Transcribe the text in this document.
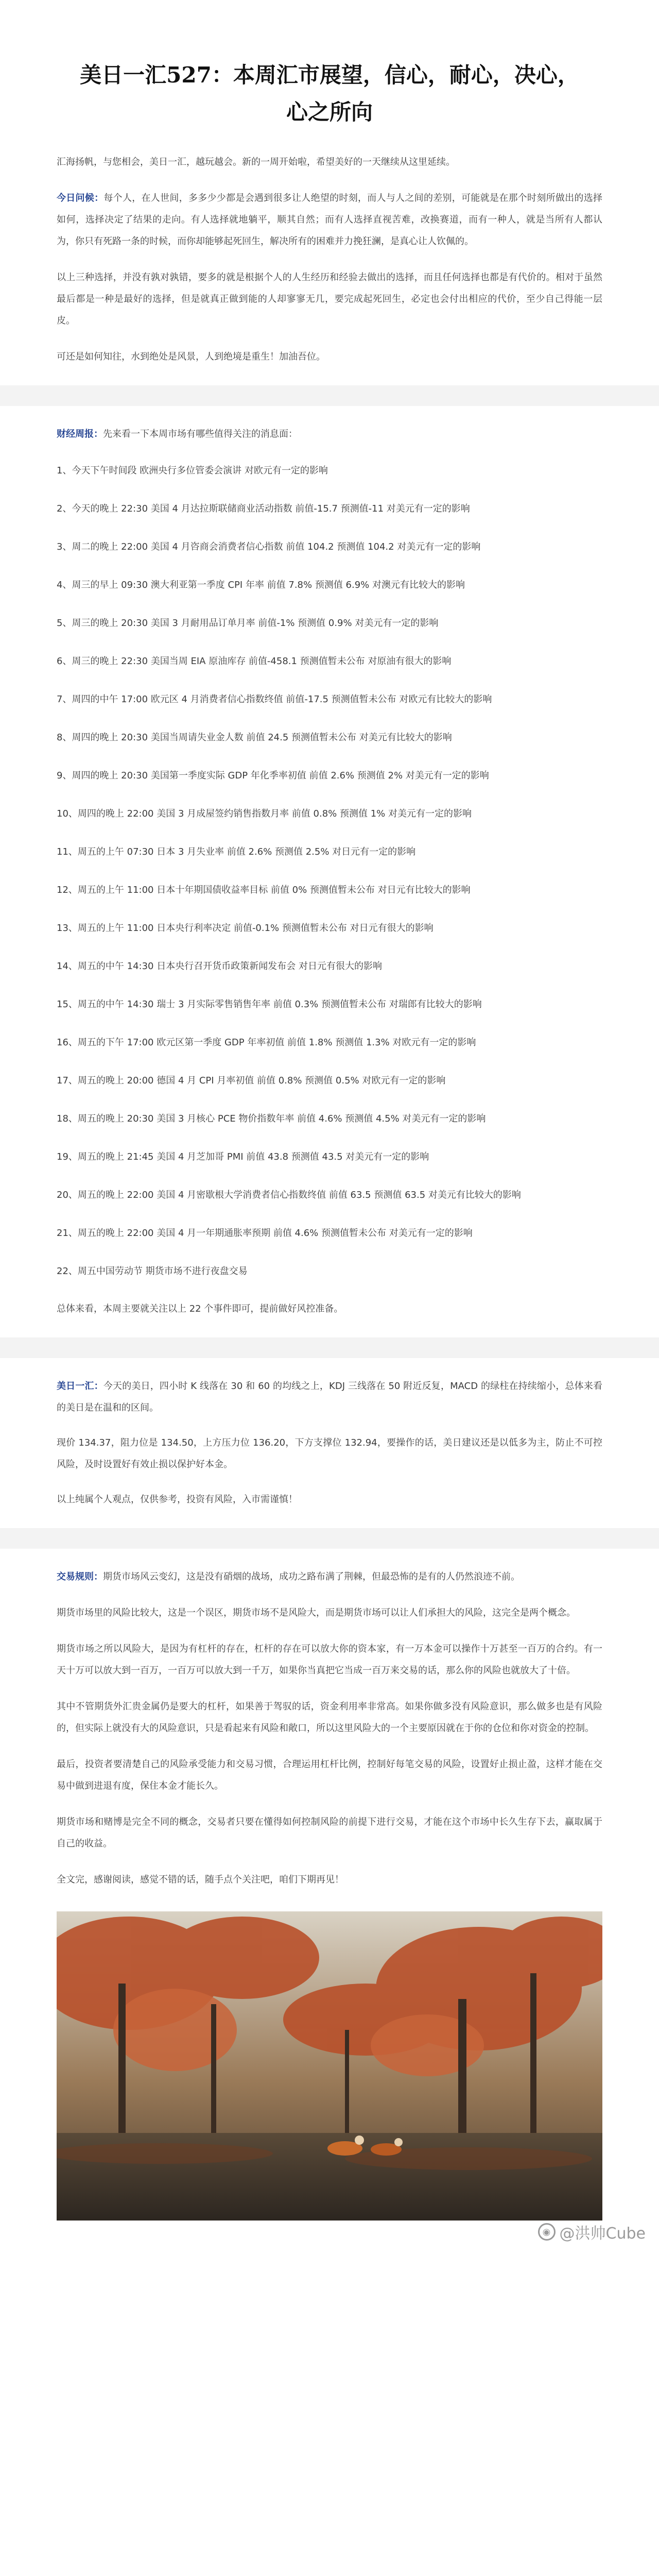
美日一汇527：本周汇市展望，信心，耐心，决心，心之所向

汇海扬帆，与您相会，美日一汇，越玩越会。新的一周开始啦，希望美好的一天继续从这里延续。

今日问候：每个人，在人世间，多多少少都是会遇到很多让人绝望的时刻，而人与人之间的差别，可能就是在那个时刻所做出的选择如何，选择决定了结果的走向。有人选择就地躺平，顺其自然；而有人选择直视苦难，改换赛道，而有一种人，就是当所有人都认为，你只有死路一条的时候，而你却能够起死回生，解决所有的困难并力挽狂澜，是真心让人钦佩的。

以上三种选择，并没有孰对孰错，要多的就是根据个人的人生经历和经验去做出的选择，而且任何选择也都是有代价的。相对于虽然最后都是一种是最好的选择，但是就真正做到能的人却寥寥无几，要完成起死回生，必定也会付出相应的代价，至少自己得能一层皮。

可还是如何知往，水到绝处是风景，人到绝境是重生！加油吾位。

财经周报：先来看一下本周市场有哪些值得关注的消息面：

1、今天下午时间段 欧洲央行多位管委会演讲 对欧元有一定的影响
2、今天的晚上 22:30 美国 4 月达拉斯联储商业活动指数 前值-15.7 预测值-11 对美元有一定的影响
3、周二的晚上 22:00 美国 4 月咨商会消费者信心指数 前值 104.2 预测值 104.2 对美元有一定的影响
4、周三的早上 09:30 澳大利亚第一季度 CPI 年率 前值 7.8% 预测值 6.9% 对澳元有比较大的影响
5、周三的晚上 20:30 美国 3 月耐用品订单月率 前值-1% 预测值 0.9% 对美元有一定的影响
6、周三的晚上 22:30 美国当周 EIA 原油库存 前值-458.1 预测值暂未公布 对原油有很大的影响
7、周四的中午 17:00 欧元区 4 月消费者信心指数终值 前值-17.5 预测值暂未公布 对欧元有比较大的影响
8、周四的晚上 20:30 美国当周请失业金人数 前值 24.5 预测值暂未公布 对美元有比较大的影响
9、周四的晚上 20:30 美国第一季度实际 GDP 年化季率初值 前值 2.6% 预测值 2% 对美元有一定的影响
10、周四的晚上 22:00 美国 3 月成屋签约销售指数月率 前值 0.8% 预测值 1% 对美元有一定的影响
11、周五的上午 07:30 日本 3 月失业率 前值 2.6% 预测值 2.5% 对日元有一定的影响
12、周五的上午 11:00 日本十年期国债收益率目标 前值 0% 预测值暂未公布 对日元有比较大的影响
13、周五的上午 11:00 日本央行利率决定 前值-0.1% 预测值暂未公布 对日元有很大的影响
14、周五的中午 14:30 日本央行召开货币政策新闻发布会 对日元有很大的影响
15、周五的中午 14:30 瑞士 3 月实际零售销售年率 前值 0.3% 预测值暂未公布 对瑞郎有比较大的影响
16、周五的下午 17:00 欧元区第一季度 GDP 年率初值 前值 1.8% 预测值 1.3% 对欧元有一定的影响
17、周五的晚上 20:00 德国 4 月 CPI 月率初值 前值 0.8% 预测值 0.5% 对欧元有一定的影响
18、周五的晚上 20:30 美国 3 月核心 PCE 物价指数年率 前值 4.6% 预测值 4.5% 对美元有一定的影响
19、周五的晚上 21:45 美国 4 月芝加哥 PMI 前值 43.8 预测值 43.5 对美元有一定的影响
20、周五的晚上 22:00 美国 4 月密歇根大学消费者信心指数终值 前值 63.5 预测值 63.5 对美元有比较大的影响
21、周五的晚上 22:00 美国 4 月一年期通胀率预期 前值 4.6% 预测值暂未公布 对美元有一定的影响
22、周五中国劳动节 期货市场不进行夜盘交易

总体来看，本周主要就关注以上 22 个事件即可，提前做好风控准备。

美日一汇：今天的美日，四小时 K 线落在 30 和 60 的均线之上，KDJ 三线落在 50 附近反复，MACD 的绿柱在持续缩小，总体来看的美日是在温和的区间。

现价 134.37，阻力位是 134.50，上方压力位 136.20，下方支撑位 132.94，要操作的话，美日建议还是以低多为主，防止不可控风险，及时设置好有效止损以保护好本金。

以上纯属个人观点，仅供参考，投资有风险，入市需谨慎！

交易规则：期货市场风云变幻，这是没有硝烟的战场，成功之路布满了荆棘，但最恐怖的是有的人仍然浪迹不前。

期货市场里的风险比较大，这是一个误区，期货市场不是风险大，而是期货市场可以让人们承担大的风险，这完全是两个概念。

期货市场之所以风险大，是因为有杠杆的存在，杠杆的存在可以放大你的资本家，有一万本金可以操作十万甚至一百万的合约。有一天十万可以放大到一百万，一百万可以放大到一千万，如果你当真把它当成一百万来交易的话，那么你的风险也就放大了十倍。

其中不管期货外汇贵金属仍是要大的杠杆，如果善于驾驭的话，资金利用率非常高。如果你做多没有风险意识，那么做多也是有风险的，但实际上就没有大的风险意识，只是看起来有风险和敞口，所以这里风险大的一个主要原因就在于你的仓位和你对资金的控制。

最后，投资者要清楚自己的风险承受能力和交易习惯，合理运用杠杆比例，控制好每笔交易的风险，设置好止损止盈，这样才能在交易中做到进退有度，保住本金才能长久。

期货市场和赌博是完全不同的概念，交易者只要在懂得如何控制风险的前提下进行交易，才能在这个市场中长久生存下去，赢取属于自己的收益。

全文完，感谢阅读，感觉不错的话，随手点个关注吧，咱们下期再见！

◉ @洪帅Cube
